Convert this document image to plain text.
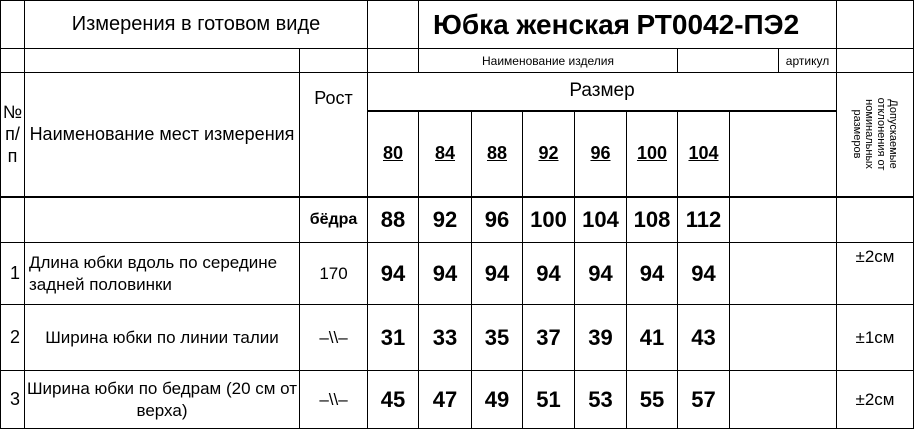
	Измерения в готовом виде			Юбка женская				РТ0042-ПЭ2				
				Наименование изделия							артикул	
№ п/п	Наименование мест измерения	Рост	Размер									Допускаемые отклонения от номинальных размеров

			80	84	88	92	96	100	104			
		бёдра	88	92	96	100	104	108	112			
1	Длина юбки вдоль по середине задней половинки	170	94	94	94	94	94	94	94			±2см
2	Ширина юбки по линии талии	–\\–	31	33	35	37	39	41	43			±1см
3	Ширина юбки по бедрам (20 см от верха)	–\\–	45	47	49	51	53	55	57			±2см
